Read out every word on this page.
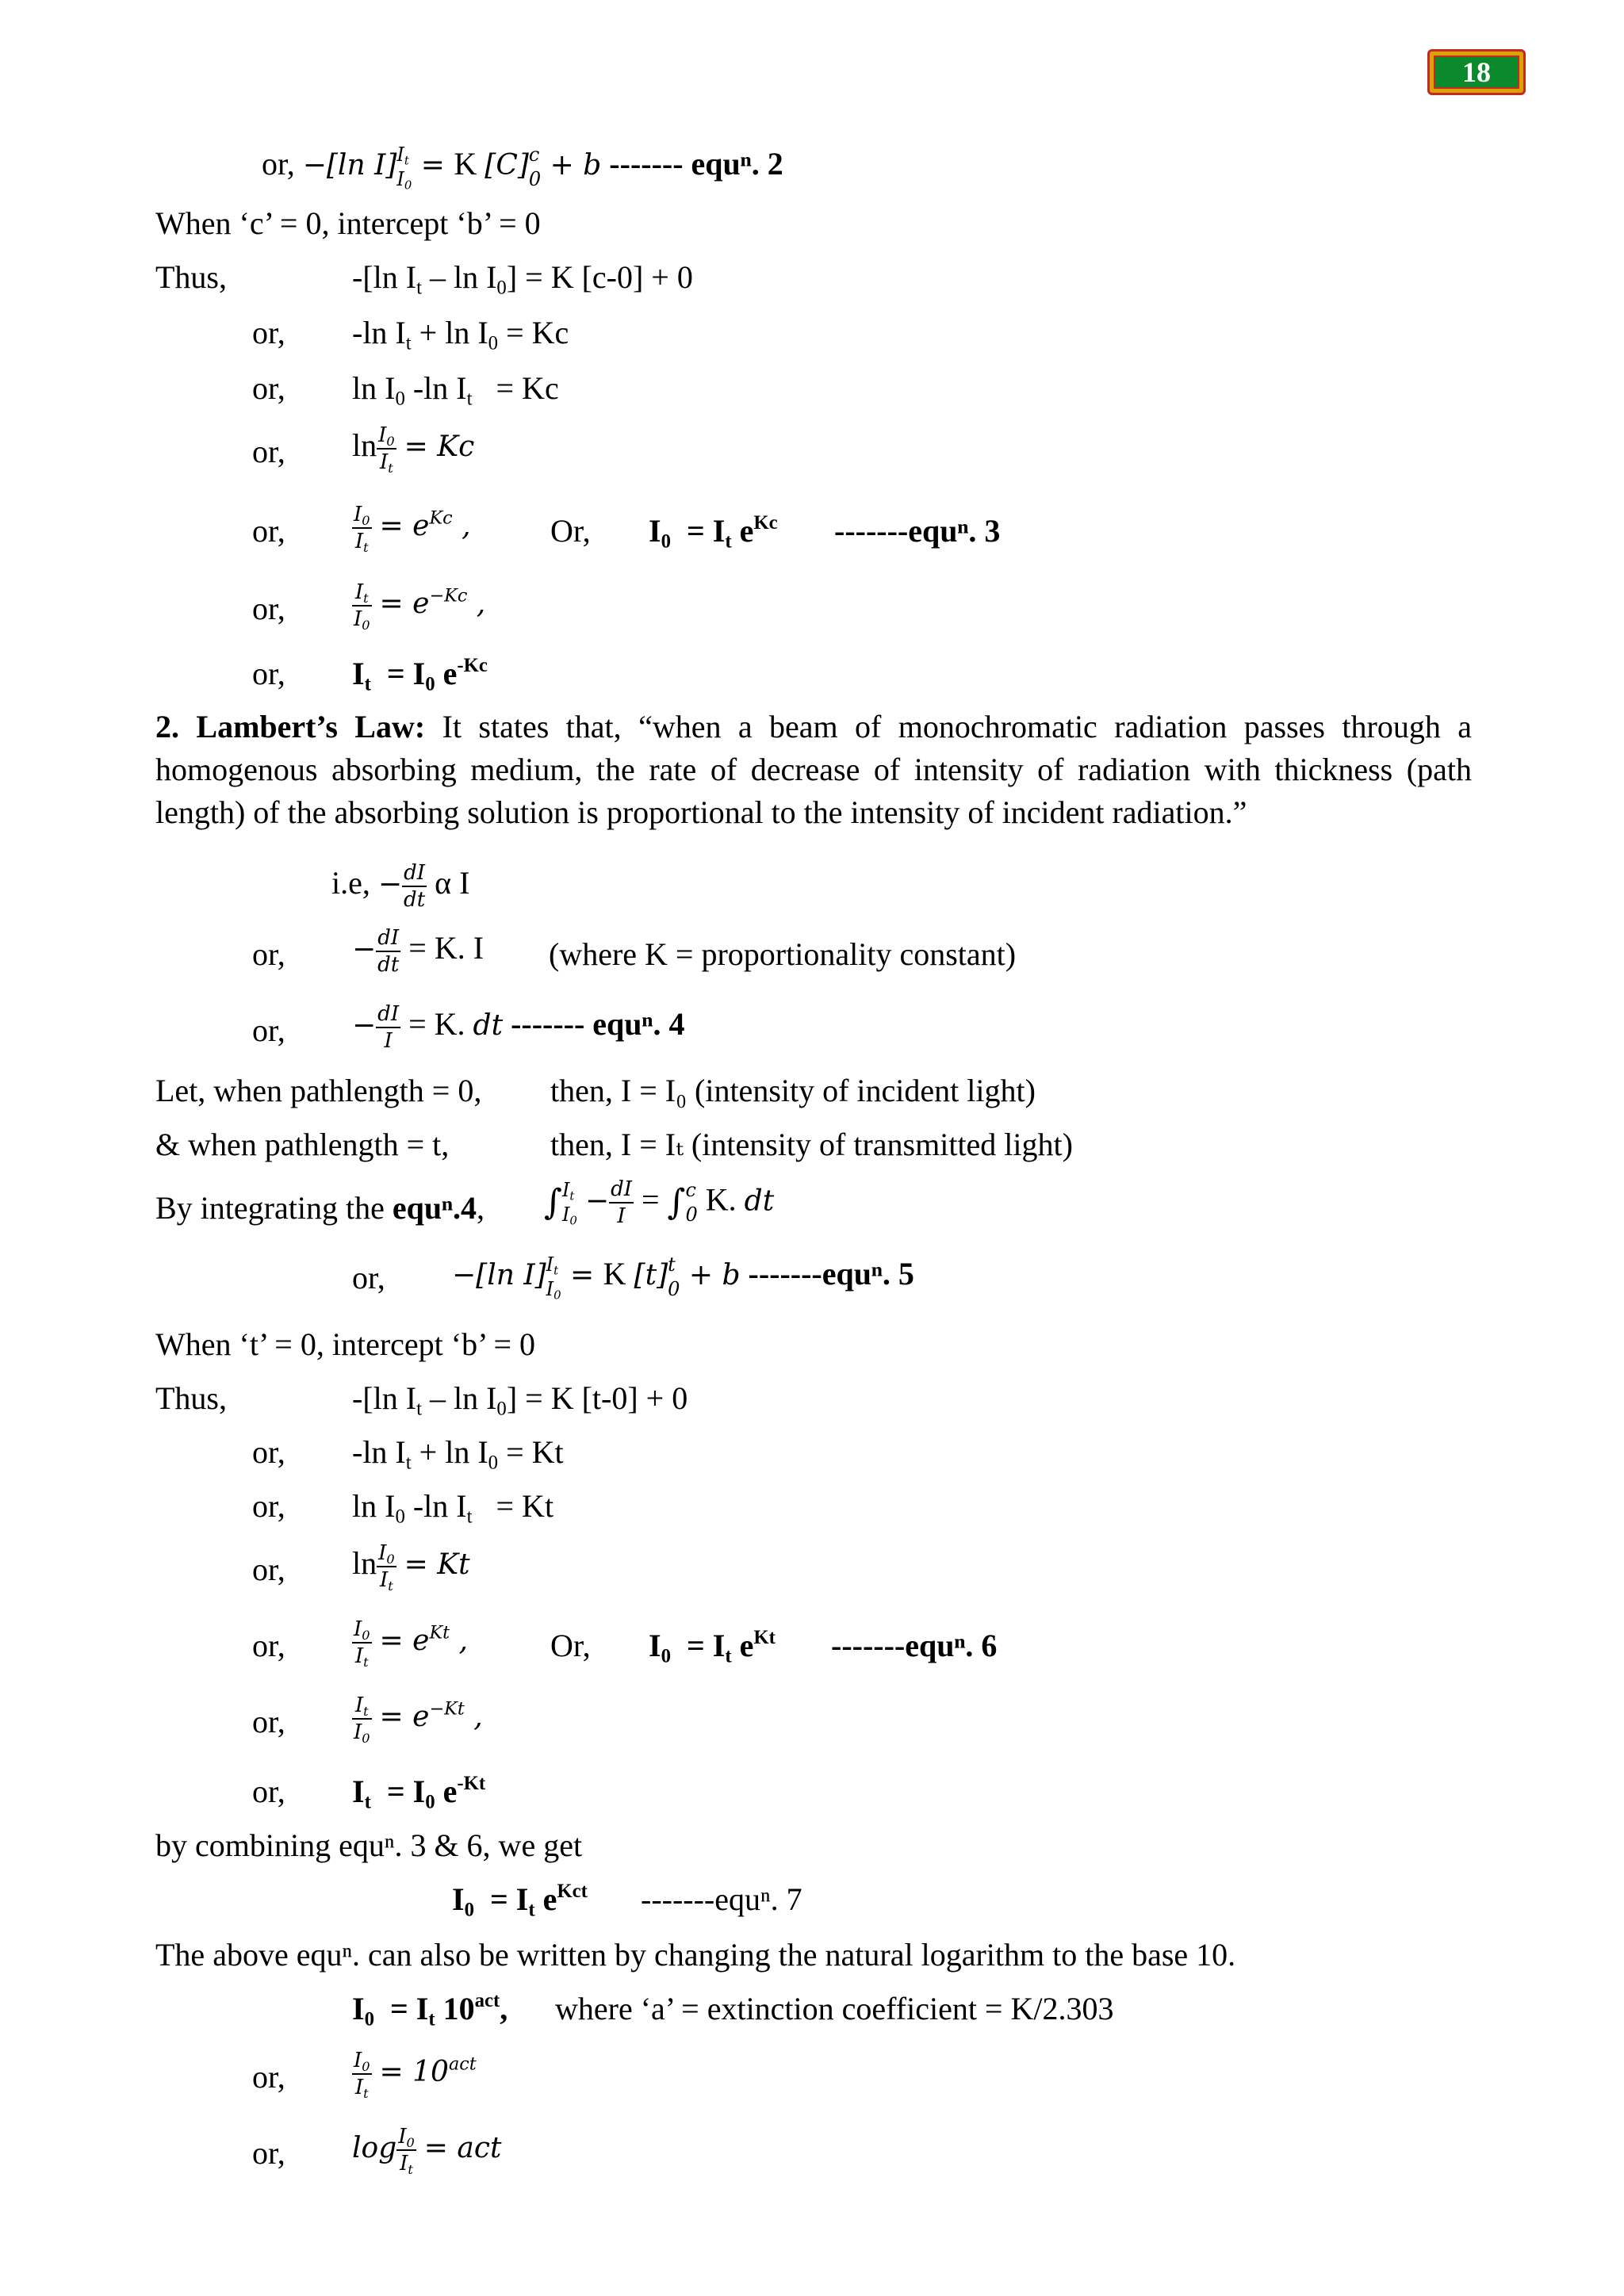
18
or, −[ln I] $I_t$
$I_0$
= K [C] c
0 + b ------- equⁿ. 2
When ‘c’ = 0, intercept ‘b’ = 0
Thus,	-[ln $I_t - \ln I_0] = K$ [c-0] + 0
or, -ln $I_t + \ln I_0 = Kc$
or, $\ln I_0$ -ln $I_t = Kc$
or, $\ln \frac{I_0}{I_t} = Kc$
or,	$\frac{I_0}{I_t} = e^{Kc}$ ,	Or, $I_0 = I_t$ $e^{Kc}$ -------equⁿ. 3
or,	$\frac{I_t}{I_0} = e^{-Kc}$ ,
or, $I_t = I_0$ $e^{-Kc}$
2. Lambert’s Law: It states that, “when a beam of monochromatic radiation passes through a homogenous absorbing medium, the rate of decrease of intensity of radiation with thickness (path length) of the absorbing solution is proportional to the intensity of incident radiation.”
i.e, − $\frac{dI}{dt}$ α I
or, − $\frac{dI}{dt} = K$. I (where K = proportionality constant)
or, − $\frac{dI}{I} = K$. dt ------- equⁿ. 4
Let, when pathlength = 0, then, I = I₀ (intensity of incident light)
& when pathlength = t,	then, I = Iₜ (intensity of transmitted light)
By integrating the equⁿ.4, ∫ $I_t$
$I_0$
− $\frac{dI}{I}$ = ∫ c
0 K. dt
or, −[ln I] $I_t$
$I_0$
= K [t] t
0 + b -------equⁿ. 5
When ‘t’ = 0, intercept ‘b’ = 0
Thus,	-[ln $I_t - \ln I_0] = K$ [t-0] + 0
or, -ln $I_t + \ln I_0 = Kt$
or, $\ln I_0$ -ln $I_t = Kt$
or, $\ln \frac{I_0}{I_t} = Kt$
or,	$\frac{I_0}{I_t} = e^{Kt}$ ,	Or, $I_0 = I_t$ $e^{Kt}$ -------equⁿ. 6
or,	$\frac{I_t}{I_0} = e^{-Kt}$ ,
or, $I_t = I_0$ $e^{-Kt}$
by combining equⁿ. 3 & 6, we get
$I_0 = I_t$ $e^{Kct}$ -------equⁿ. 7
The above equⁿ. can also be written by changing the natural logarithm to the base 10.
$I_0 = I_t$ $10^{act}$, where ‘a’ = extinction coefficient = K/2.303
or,	$\frac{I_0}{I_t} = 10^{act}$
or, $\log \frac{I_0}{I_t}$ = act
